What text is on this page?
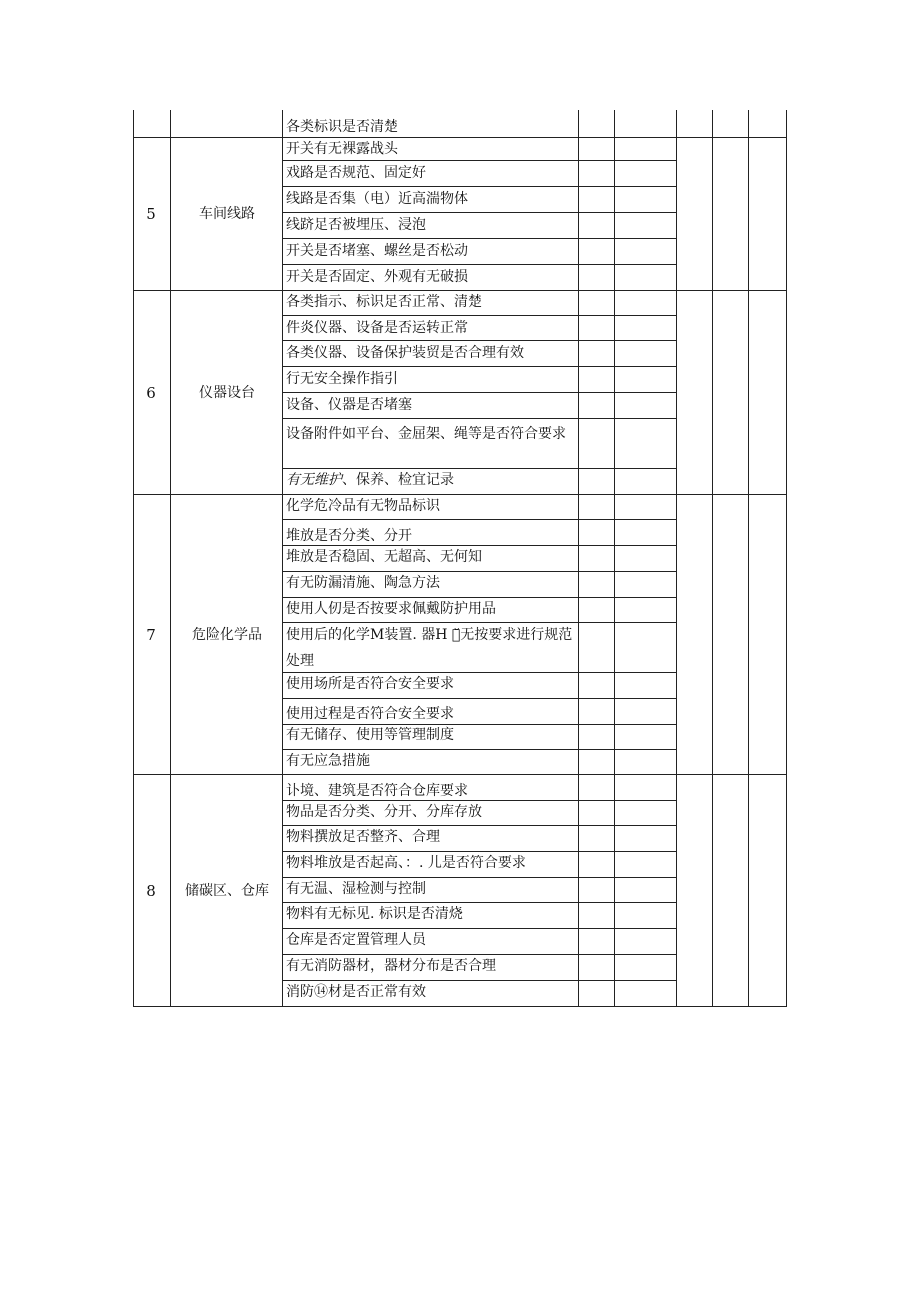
各类标识是否清楚
5	车间线路
开关有无裸露战头
戏路是否规范、固定好
线路是否集（电）近高湍物体
线跻足否被埋压、浸泡
开关是否堵塞、螺丝是否松动
开关是否固定、外观有无破损
6	仪器设台
各类指示、标识足否正常、清楚
件炎仪器、设备是否运转正常
各类仪器、设备保护装贸是否合理有效
行无安全操作指引
设备、仪器是否堵塞
设备附件如平台、金屈架、绳等是否符合要求
有无维护、保养、检宜记录
7	危险化学品
化学危冷品有无物品标识
堆放是否分类、分开
堆放是否稳固、无超高、无何知
有无防漏清施、陶急方法
使用人仞是否按要求佩戴防护用品
使用后的化学M装置. 器H ｒ̆无按要求进行规范处理
使用场所是否符合安全要求
使用过程是否符合安全要求
有无储存、使用等管理制度
有无应急措施
8	储碳区、仓库
讣境、建筑是否符合仓库要求
物品是否分类、分开、分库存放
物料撰放足否整齐、合理
物料堆放是否起高、：. 儿是否符合要求
有无温、湿检测与控制
物料有无标见. 标识是否清烧
仓库是否定置管理人员
有无消防器材，器材分布是否合理
消防⑭材是否正常有效
